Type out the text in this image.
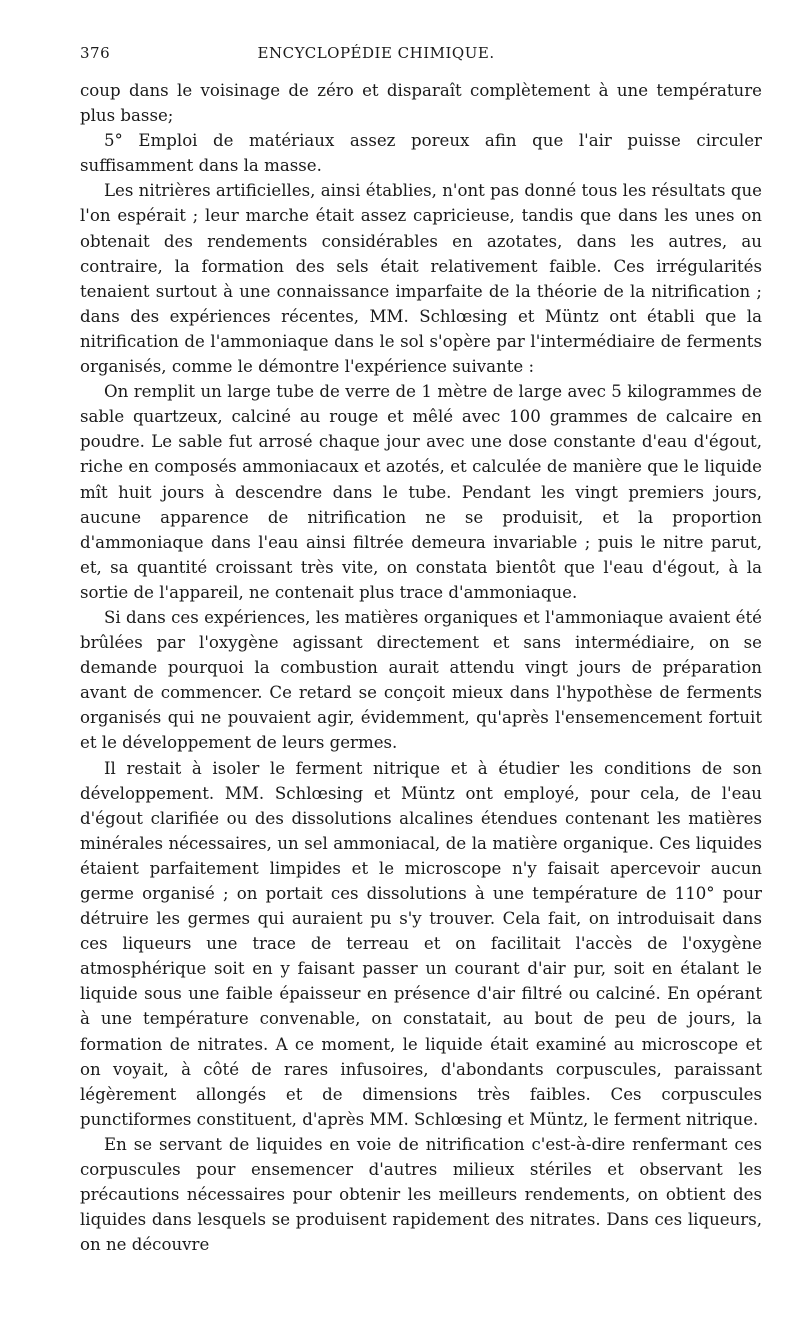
376	ENCYCLOPÉDIE CHIMIQUE.

coup dans le voisinage de zéro et disparaît complètement à une température plus basse;

5° Emploi de matériaux assez poreux afin que l'air puisse circuler suffisamment dans la masse.

Les nitrières artificielles, ainsi établies, n'ont pas donné tous les résultats que l'on espérait ; leur marche était assez capricieuse, tandis que dans les unes on obtenait des rendements considérables en azotates, dans les autres, au contraire, la formation des sels était relativement faible. Ces irrégularités tenaient surtout à une connaissance imparfaite de la théorie de la nitrification ; dans des expériences récentes, MM. Schlœsing et Müntz ont établi que la nitrification de l'ammoniaque dans le sol s'opère par l'intermédiaire de ferments organisés, comme le démontre l'expérience suivante :

On remplit un large tube de verre de 1 mètre de large avec 5 kilogrammes de sable quartzeux, calciné au rouge et mêlé avec 100 grammes de calcaire en poudre. Le sable fut arrosé chaque jour avec une dose constante d'eau d'égout, riche en composés ammoniacaux et azotés, et calculée de manière que le liquide mît huit jours à descendre dans le tube. Pendant les vingt premiers jours, aucune apparence de nitrification ne se produisit, et la proportion d'ammoniaque dans l'eau ainsi filtrée demeura invariable ; puis le nitre parut, et, sa quantité croissant très vite, on constata bientôt que l'eau d'égout, à la sortie de l'appareil, ne contenait plus trace d'ammoniaque.

Si dans ces expériences, les matières organiques et l'ammoniaque avaient été brûlées par l'oxygène agissant directement et sans intermédiaire, on se demande pourquoi la combustion aurait attendu vingt jours de préparation avant de commencer. Ce retard se conçoit mieux dans l'hypothèse de ferments organisés qui ne pouvaient agir, évidemment, qu'après l'ensemencement fortuit et le développement de leurs germes.

Il restait à isoler le ferment nitrique et à étudier les conditions de son développement. MM. Schlœsing et Müntz ont employé, pour cela, de l'eau d'égout clarifiée ou des dissolutions alcalines étendues contenant les matières minérales nécessaires, un sel ammoniacal, de la matière organique. Ces liquides étaient parfaitement limpides et le microscope n'y faisait apercevoir aucun germe organisé ; on portait ces dissolutions à une température de 110° pour détruire les germes qui auraient pu s'y trouver. Cela fait, on introduisait dans ces liqueurs une trace de terreau et on facilitait l'accès de l'oxygène atmosphérique soit en y faisant passer un courant d'air pur, soit en étalant le liquide sous une faible épaisseur en présence d'air filtré ou calciné. En opérant à une température convenable, on constatait, au bout de peu de jours, la formation de nitrates. A ce moment, le liquide était examiné au microscope et on voyait, à côté de rares infusoires, d'abondants corpuscules, paraissant légèrement allongés et de dimensions très faibles. Ces corpuscules punctiformes constituent, d'après MM. Schlœsing et Müntz, le ferment nitrique.

En se servant de liquides en voie de nitrification c'est-à-dire renfermant ces corpuscules pour ensemencer d'autres milieux stériles et observant les précautions nécessaires pour obtenir les meilleurs rendements, on obtient des liquides dans lesquels se produisent rapidement des nitrates. Dans ces liqueurs, on ne découvre
